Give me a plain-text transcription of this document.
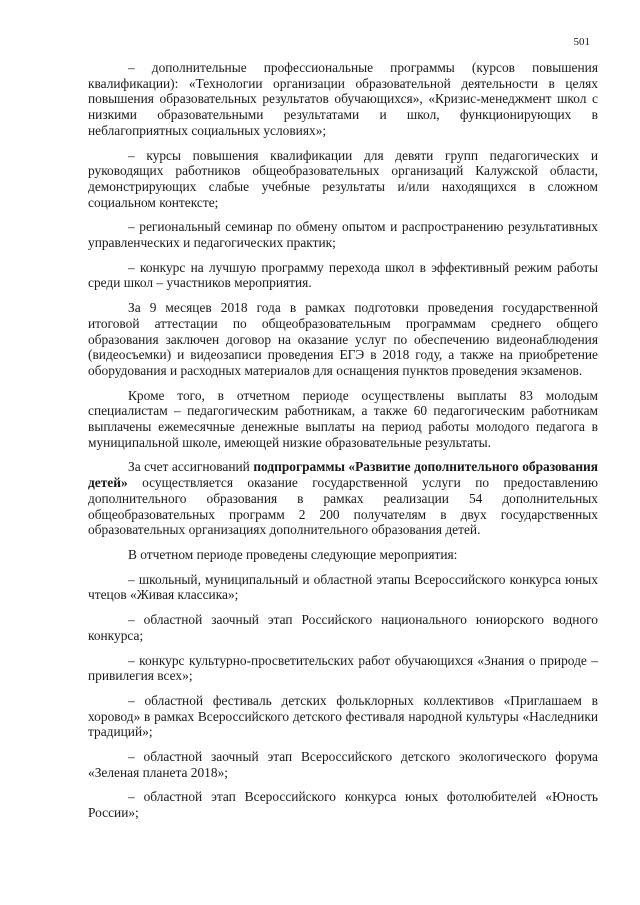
501

– дополнительные профессиональные программы (курсов повышения квалификации): «Технологии организации образовательной деятельности в целях повышения образовательных результатов обучающихся», «Кризис-менеджмент школ с низкими образовательными результатами и школ, функционирующих в неблагоприятных социальных условиях»;

– курсы повышения квалификации для девяти групп педагогических и руководящих работников общеобразовательных организаций Калужской области, демонстрирующих слабые учебные результаты и/или находящихся в сложном социальном контексте;

– региональный семинар по обмену опытом и распространению результативных управленческих и педагогических практик;

– конкурс на лучшую программу перехода школ в эффективный режим работы среди школ – участников мероприятия.

За 9 месяцев 2018 года в рамках подготовки проведения государственной итоговой аттестации по общеобразовательным программам среднего общего образования заключен договор на оказание услуг по обеспечению видеонаблюдения (видеосъемки) и видеозаписи проведения ЕГЭ в 2018 году, а также на приобретение оборудования и расходных материалов для оснащения пунктов проведения экзаменов.

Кроме того, в отчетном периоде осуществлены выплаты 83 молодым специалистам – педагогическим работникам, а также 60 педагогическим работникам выплачены ежемесячные денежные выплаты на период работы молодого педагога в муниципальной школе, имеющей низкие образовательные результаты.

За счет ассигнований подпрограммы «Развитие дополнительного образования детей» осуществляется оказание государственной услуги по предоставлению дополнительного образования в рамках реализации 54 дополнительных общеобразовательных программ 2 200 получателям в двух государственных образовательных организациях дополнительного образования детей.

В отчетном периоде проведены следующие мероприятия:

– школьный, муниципальный и областной этапы Всероссийского конкурса юных чтецов «Живая классика»;

– областной заочный этап Российского национального юниорского водного конкурса;

– конкурс культурно-просветительских работ обучающихся «Знания о природе – привилегия всех»;

– областной фестиваль детских фольклорных коллективов «Приглашаем в хоровод» в рамках Всероссийского детского фестиваля народной культуры «Наследники традиций»;

– областной заочный этап Всероссийского детского экологического форума «Зеленая планета 2018»;

– областной этап Всероссийского конкурса юных фотолюбителей «Юность России»;
